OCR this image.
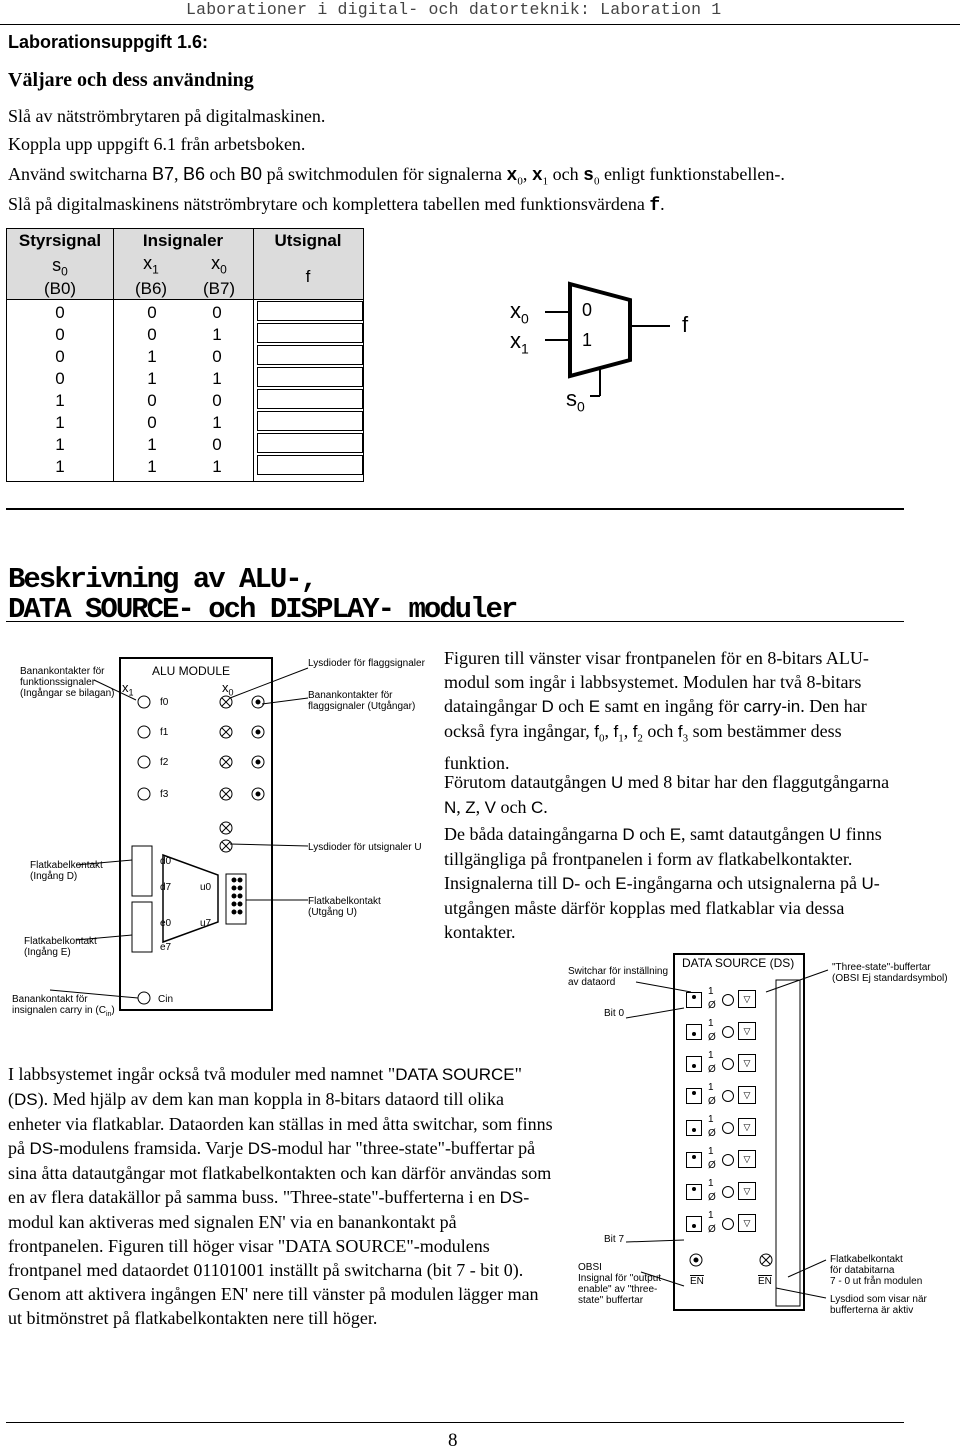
Laborationer i digital- och datorteknik: Laboration 1
Laborationsuppgift 1.6:
Väljare och dess användning
Slå av nätströmbrytaren på digitalmaskinen.
Koppla upp uppgift 6.1 från arbetsboken.
Använd switcharna B7, B6 och B0 på switchmodulen för signalerna $x_0$, $x_1$ och $s_0$ enligt funktionstabellen-.
Slå på digitalmaskinens nätströmbrytare och komplettera tabellen med funktionsvärdena f.
Styrsignal	Insignaler	Utsignal
$s_0$	$x_1$	$x_0$	f
(B0)	(B6)	(B7)
0	0	0
0	0	1
0	1	0
0	1	1
1	0	0
1	0	1
1	1	0
1	1	1
$x_0$
$x_1$
0
1
f
$s_0$
Beskrivning av ALU-,
DATA SOURCE- och DISPLAY- moduler
Banankontakter för
funktionssignaler
(Ingångar se bilagan)
ALU MODULE
Lysdioder för flaggsignaler
Banankontakter för
flaggsignaler (Utgångar)
$x_1$	$x_0$
f0
f1
f2
f3
Lysdioder för utsignaler U
Flatkabelkontakt
(Ingång D)
d0
d7	u0
Flatkabelkontakt
(Utgång U)
e0	u7
Flatkabelkontakt
(Ingång E)	e7
Banankontakt för
insignalen carry in $(C_{in})$
Cin
Figuren till vänster visar frontpanelen för en 8-bitars ALU-modul som ingår i labbsystemet. Modulen har två 8-bitars dataingångar D och E samt en ingång för carry-in. Den har också fyra ingångar, $f_0$, $f_1$, $f_2$ och $f_3$ som bestämmer dess funktion.
Förutom datautgången U med 8 bitar har den flaggutgångarna N, Z, V och C.
De båda dataingångarna D och E, samt datautgången U finns tillgängliga på frontpanelen i form av flatkabelkontakter. Insignalerna till D- och E-ingångarna och utsignalerna på U-utgången måste därför kopplas med flatkablar via dessa kontakter.
I labbsystemet ingår också två moduler med namnet "DATA SOURCE" (DS). Med hjälp av dem kan man koppla in 8-bitars dataord till olika enheter via flatkablar. Dataorden kan ställas in med åtta switchar, som finns på DS-modulens framsida. Varje DS-modul har "three-state"-buffertar på sina åtta datautgångar mot flatkabelkontakten och kan därför användas som en av flera datakällor på samma buss. "Three-state"-bufferterna i en DS-modul kan aktiveras med signalen EN' via en banankontakt på frontpanelen. Figuren till höger visar "DATA SOURCE"-modulens frontpanel med dataordet 01101001 inställt på switcharna (bit 7 - bit 0). Genom att aktivera ingången EN' nere till vänster på modulen lägger man ut bitmönstret på flatkabelkontakten nere till höger.
DATA SOURCE (DS)
Switchar för inställning
av dataord
"Three-state"-buffertar
(OBSI Ej standardsymbol)
Bit 0
Bit 7
OBSI
Insignal för "output
enable" av "three-
state" buffertar
$\overline{EN}$	$\overline{EN}$
Flatkabelkontakt
för databitarna
7 - 0 ut från modulen
Lysdiod som visar när
bufferterna är aktiv
1
Ø
▽
1
Ø
▽
1
Ø
▽
1
Ø
▽
1
Ø
▽
1
Ø
▽
1
Ø
▽
1
Ø
▽
8
